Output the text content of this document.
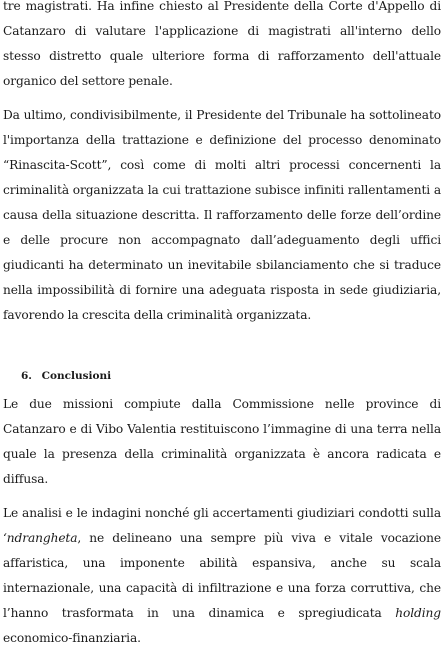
tre magistrati. Ha infine chiesto al Presidente della Corte d'Appello di Catanzaro di valutare l'applicazione di magistrati all'interno dello stesso distretto quale ulteriore forma di rafforzamento dell'attuale organico del settore penale.

Da ultimo, condivisibilmente, il Presidente del Tribunale ha sottolineato l'importanza della trattazione e definizione del processo denominato “Rinascita-Scott”, così come di molti altri processi concernenti la criminalità organizzata la cui trattazione subisce infiniti rallentamenti a causa della situazione descritta. Il rafforzamento delle forze dell’ordine e delle procure non accompagnato dall’adeguamento degli uffici giudicanti ha determinato un inevitabile sbilanciamento che si traduce nella impossibilità di fornire una adeguata risposta in sede giudiziaria, favorendo la crescita della criminalità organizzata.

6. Conclusioni

Le due missioni compiute dalla Commissione nelle province di Catanzaro e di Vibo Valentia restituiscono l’immagine di una terra nella quale la presenza della criminalità organizzata è ancora radicata e diffusa.

Le analisi e le indagini nonché gli accertamenti giudiziari condotti sulla ‘ndrangheta, ne delineano una sempre più viva e vitale vocazione affaristica, una imponente abilità espansiva, anche su scala internazionale, una capacità di infiltrazione e una forza corruttiva, che l’hanno trasformata in una dinamica e spregiudicata holding economico-finanziaria.
